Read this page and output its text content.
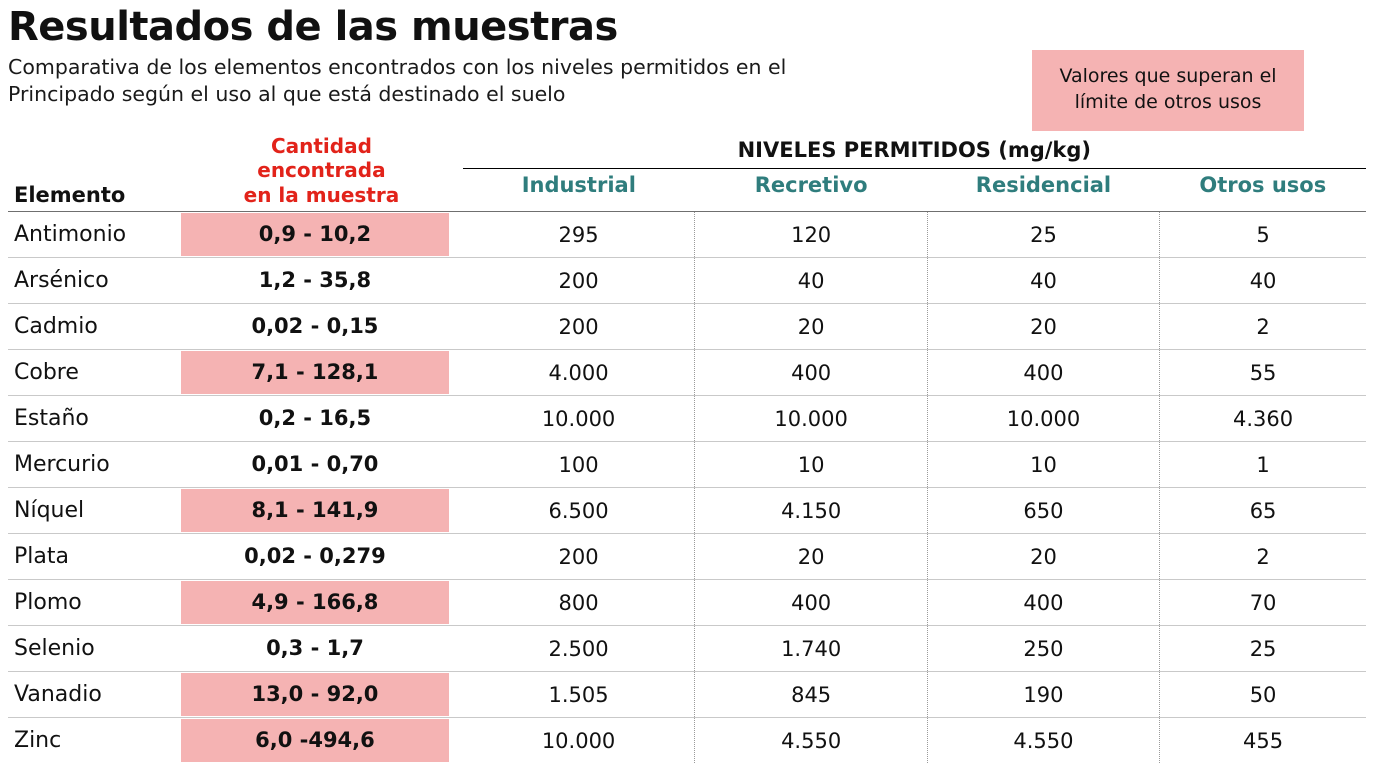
Resultados de las muestras
Comparativa de los elementos encontrados con los niveles permitidos en el Principado según el uso al que está destinado el suelo
Valores que superan el límite de otros usos
Elemento	Cantidad
encontrada
en la muestra	NIVELES PERMITIDOS (mg/kg)			
		Industrial	Recretivo	Residencial	Otros usos
Antimonio	0,9 - 10,2	295	120	25	5
Arsénico	1,2 - 35,8	200	40	40	40
Cadmio	0,02 - 0,15	200	20	20	2
Cobre	7,1 - 128,1	4.000	400	400	55
Estaño	0,2 - 16,5	10.000	10.000	10.000	4.360
Mercurio	0,01 - 0,70	100	10	10	1
Níquel	8,1 - 141,9	6.500	4.150	650	65
Plata	0,02 - 0,279	200	20	20	2
Plomo	4,9 - 166,8	800	400	400	70
Selenio	0,3 - 1,7	2.500	1.740	250	25
Vanadio	13,0 - 92,0	1.505	845	190	50
Zinc	6,0 -494,6	10.000	4.550	4.550	455
